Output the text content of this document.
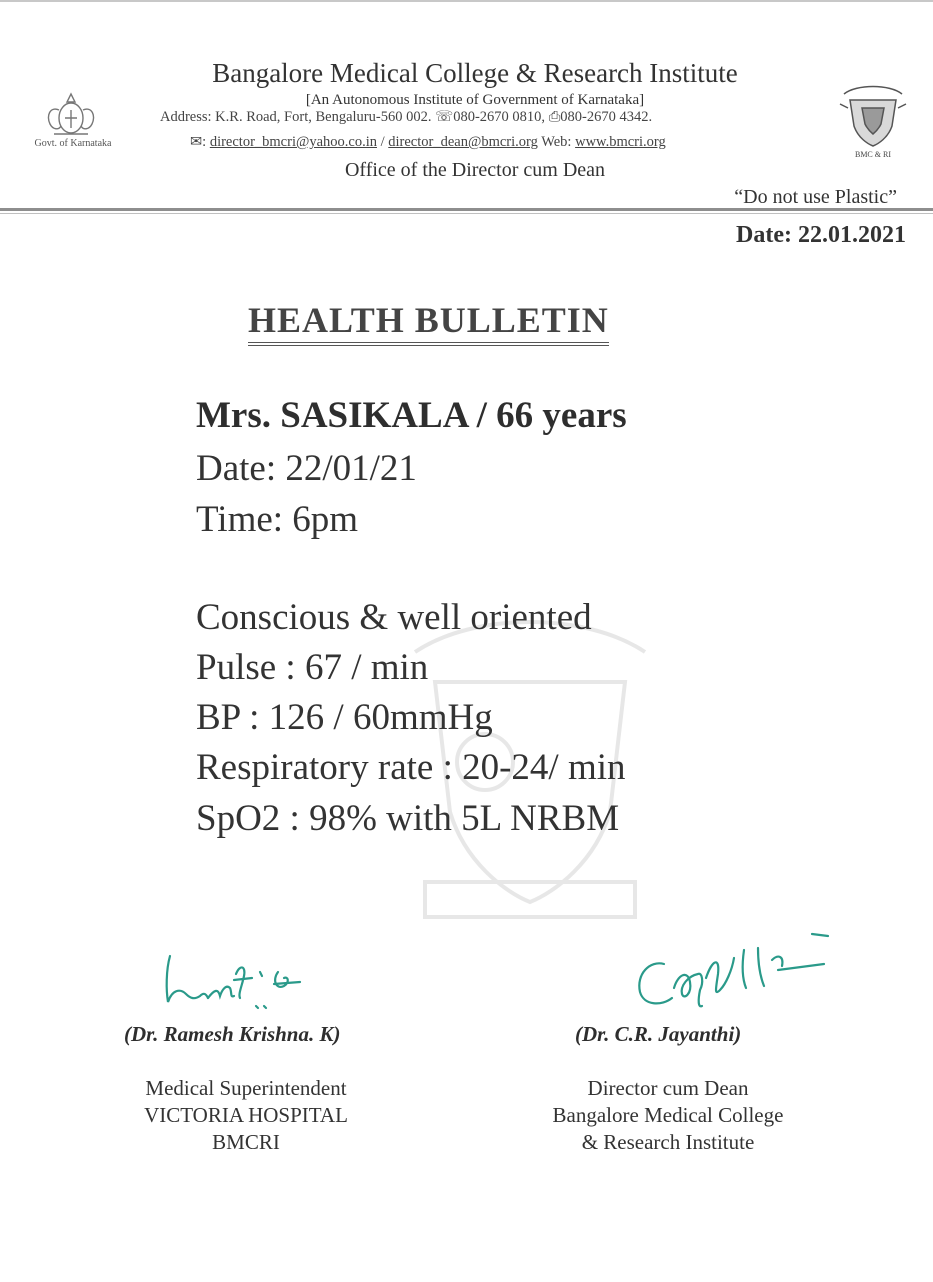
Govt. of Karnataka
BMC & RI
Bangalore Medical College & Research Institute
[An Autonomous Institute of Government of Karnataka]
Address: K.R. Road, Fort, Bengaluru-560 002. ☏080-2670 0810, ⎙080-2670 4342.
✉: director_bmcri@yahoo.co.in / director_dean@bmcri.org Web: www.bmcri.org
Office of the Director cum Dean
“Do not use Plastic”
Date: 22.01.2021
HEALTH BULLETIN
Mrs. SASIKALA / 66 years
Date: 22/01/21
Time: 6pm
Conscious & well oriented
Pulse : 67 / min
BP : 126 / 60mmHg
Respiratory rate : 20-24/ min
SpO2 : 98% with 5L NRBM
(Dr. Ramesh Krishna. K)
Medical Superintendent
VICTORIA HOSPITAL
BMCRI
(Dr. C.R. Jayanthi)
Director cum Dean
Bangalore Medical College
& Research Institute
